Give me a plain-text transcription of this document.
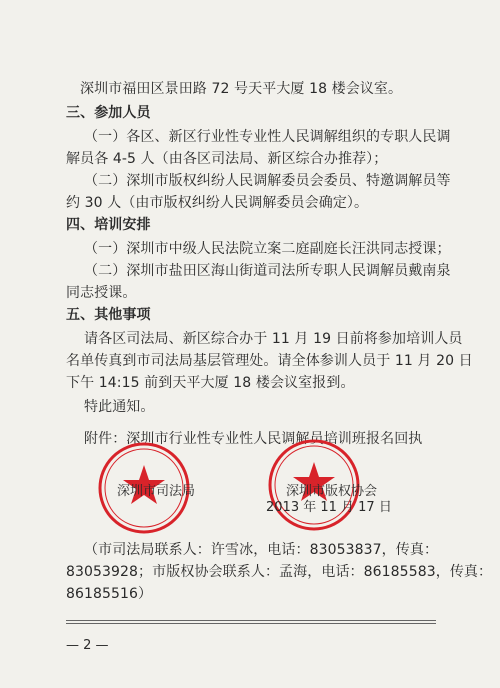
深圳市福田区景田路 72 号天平大厦 18 楼会议室。
三、参加人员
（一）各区、新区行业性专业性人民调解组织的专职人民调
解员各 4-5 人（由各区司法局、新区综合办推荐）；
（二）深圳市版权纠纷人民调解委员会委员、特邀调解员等
约 30 人（由市版权纠纷人民调解委员会确定）。
四、培训安排
（一）深圳市中级人民法院立案二庭副庭长汪洪同志授课；
（二）深圳市盐田区海山街道司法所专职人民调解员戴南泉
同志授课。
五、其他事项
请各区司法局、新区综合办于 11 月 19 日前将参加培训人员
名单传真到市司法局基层管理处。请全体参训人员于 11 月 20 日
下午 14:15 前到天平大厦 18 楼会议室报到。
特此通知。
附件：深圳市行业性专业性人民调解员培训班报名回执
深圳市司法局	深圳市版权协会
2013 年 11 月 17 日
（市司法局联系人：许雪冰，电话：83053837，传真：
83053928；市版权协会联系人：孟海，电话：86185583，传真：
86185516）
— 2 —
